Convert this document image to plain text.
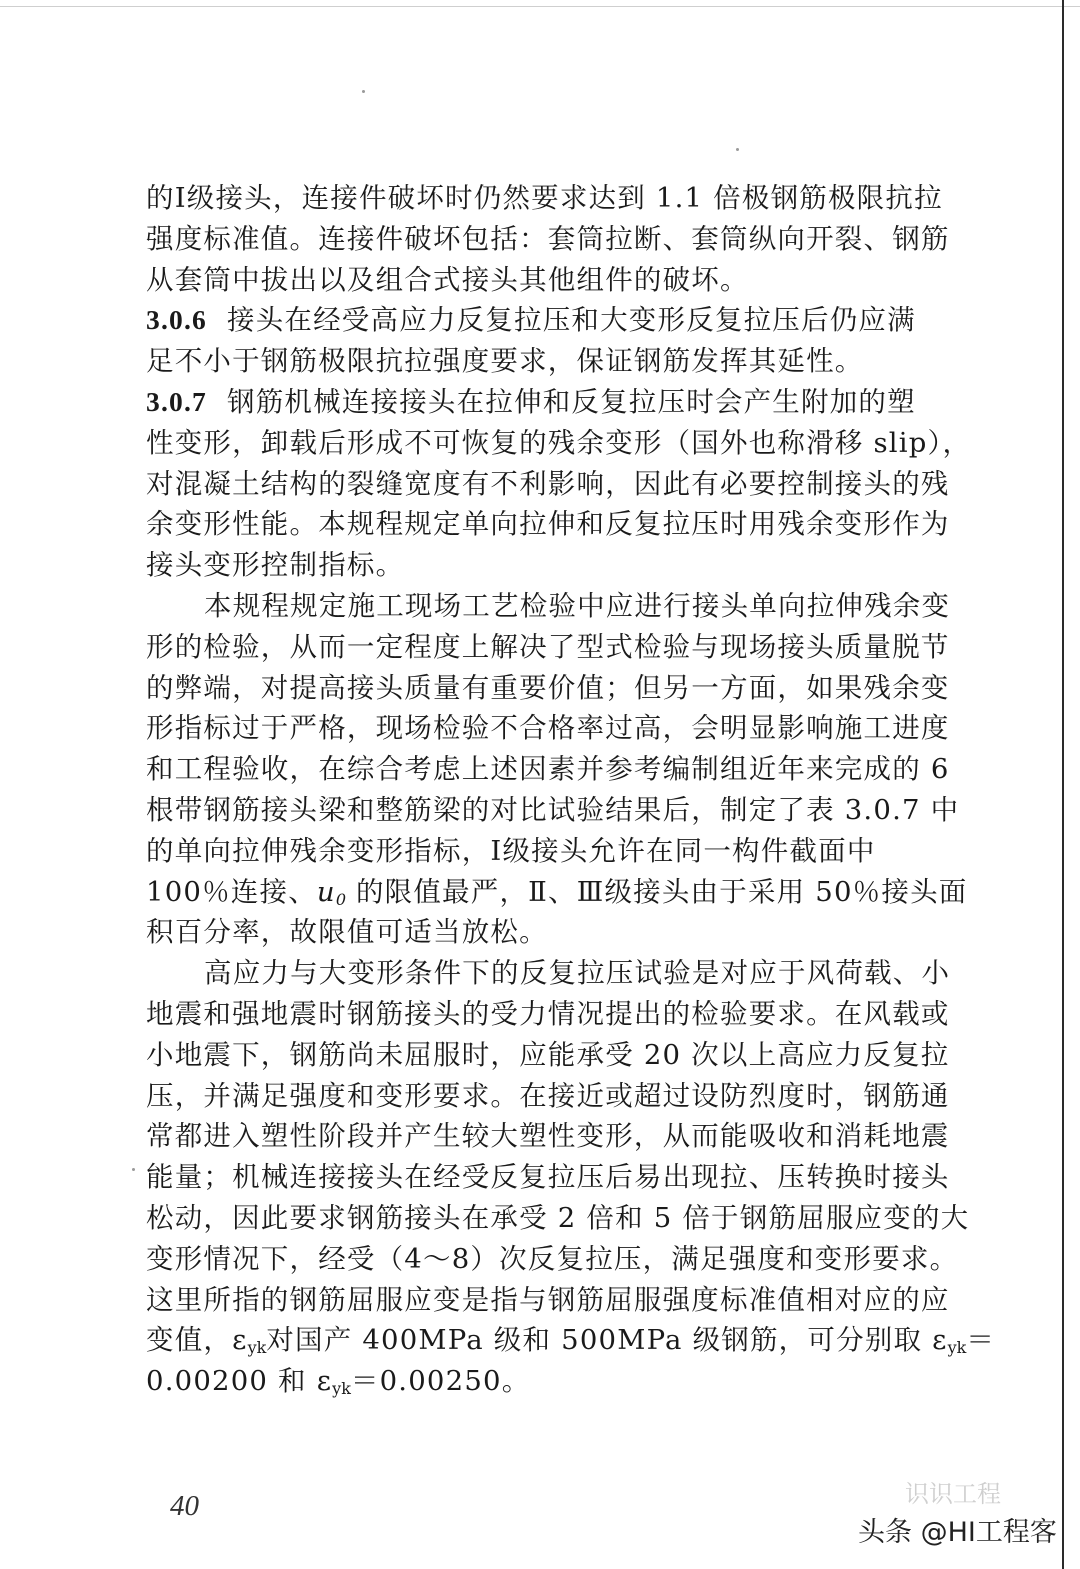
的Ⅰ级接头，连接件破坏时仍然要求达到 1.1 倍极钢筋极限抗拉
强度标准值。连接件破坏包括：套筒拉断、套筒纵向开裂、钢筋
从套筒中拔出以及组合式接头其他组件的破坏。
3.0.6 接头在经受高应力反复拉压和大变形反复拉压后仍应满
足不小于钢筋极限抗拉强度要求，保证钢筋发挥其延性。
3.0.7 钢筋机械连接接头在拉伸和反复拉压时会产生附加的塑
性变形，卸载后形成不可恢复的残余变形（国外也称滑移 slip），
对混凝土结构的裂缝宽度有不利影响，因此有必要控制接头的残
余变形性能。本规程规定单向拉伸和反复拉压时用残余变形作为
接头变形控制指标。
本规程规定施工现场工艺检验中应进行接头单向拉伸残余变
形的检验，从而一定程度上解决了型式检验与现场接头质量脱节
的弊端，对提高接头质量有重要价值；但另一方面，如果残余变
形指标过于严格，现场检验不合格率过高，会明显影响施工进度
和工程验收，在综合考虑上述因素并参考编制组近年来完成的 6
根带钢筋接头梁和整筋梁的对比试验结果后，制定了表 3.0.7 中
的单向拉伸残余变形指标，Ⅰ级接头允许在同一构件截面中
100％连接、$u_0$ 的限值最严，Ⅱ、Ⅲ级接头由于采用 50％接头面
积百分率，故限值可适当放松。
高应力与大变形条件下的反复拉压试验是对应于风荷载、小
地震和强地震时钢筋接头的受力情况提出的检验要求。在风载或
小地震下，钢筋尚未屈服时，应能承受 20 次以上高应力反复拉
压，并满足强度和变形要求。在接近或超过设防烈度时，钢筋通
常都进入塑性阶段并产生较大塑性变形，从而能吸收和消耗地震
能量；机械连接接头在经受反复拉压后易出现拉、压转换时接头
松动，因此要求钢筋接头在承受 2 倍和 5 倍于钢筋屈服应变的大
变形情况下，经受（4～8）次反复拉压，满足强度和变形要求。
这里所指的钢筋屈服应变是指与钢筋屈服强度标准值相对应的应
变值，$\varepsilon_{yk}$对国产 400MPa 级和 500MPa 级钢筋，可分别取 $\varepsilon_{yk}=$
0.00200 和 $\varepsilon_{yk}=0.00250$。
40	识识工程
头条 @HI工程客
